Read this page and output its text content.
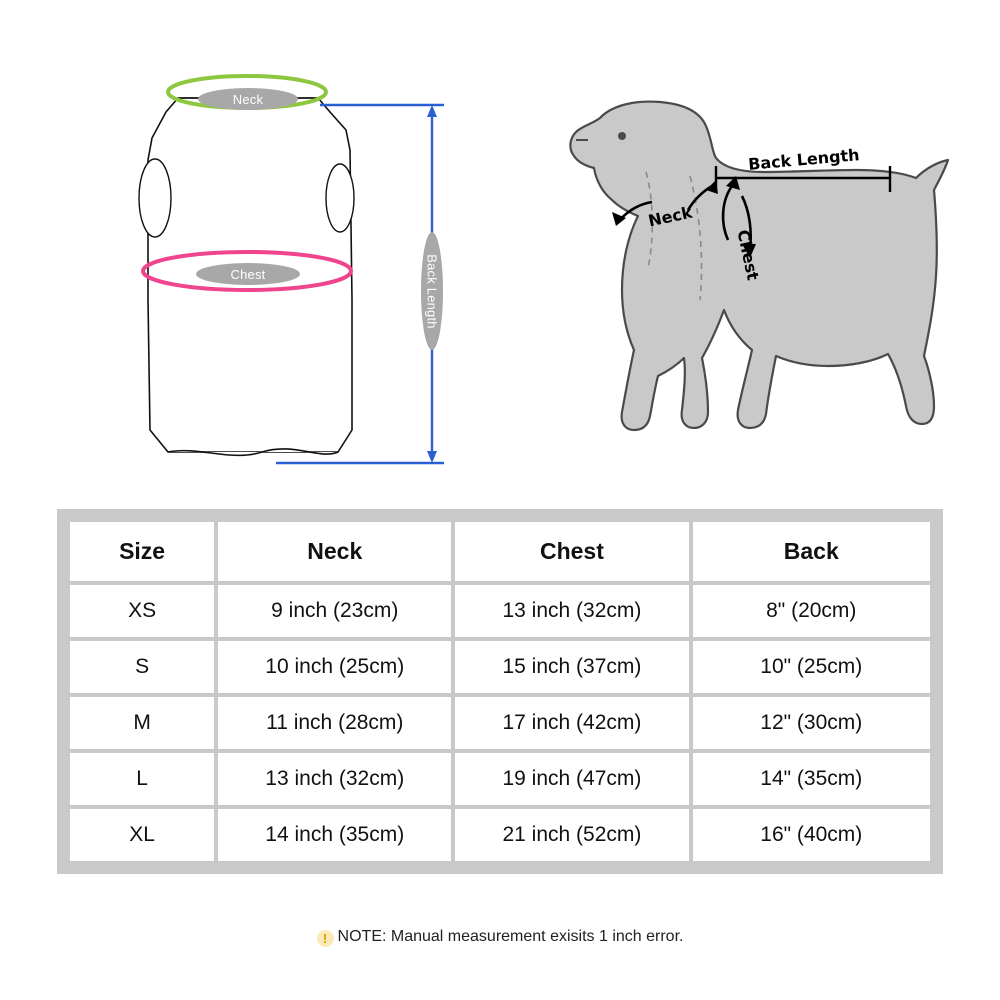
Neck
Chest	Back Length
Back Length
Neck
Chest
Size	Neck	Chest	Back
XS	9 inch (23cm)	13 inch (32cm)	8" (20cm)
S	10 inch (25cm)	15 inch (37cm)	10" (25cm)
M	11 inch (28cm)	17 inch (42cm)	12" (30cm)
L	13 inch (32cm)	19 inch (47cm)	14" (35cm)
XL	14 inch (35cm)	21 inch (52cm)	16" (40cm)
! NOTE: Manual measurement exisits 1 inch error.
